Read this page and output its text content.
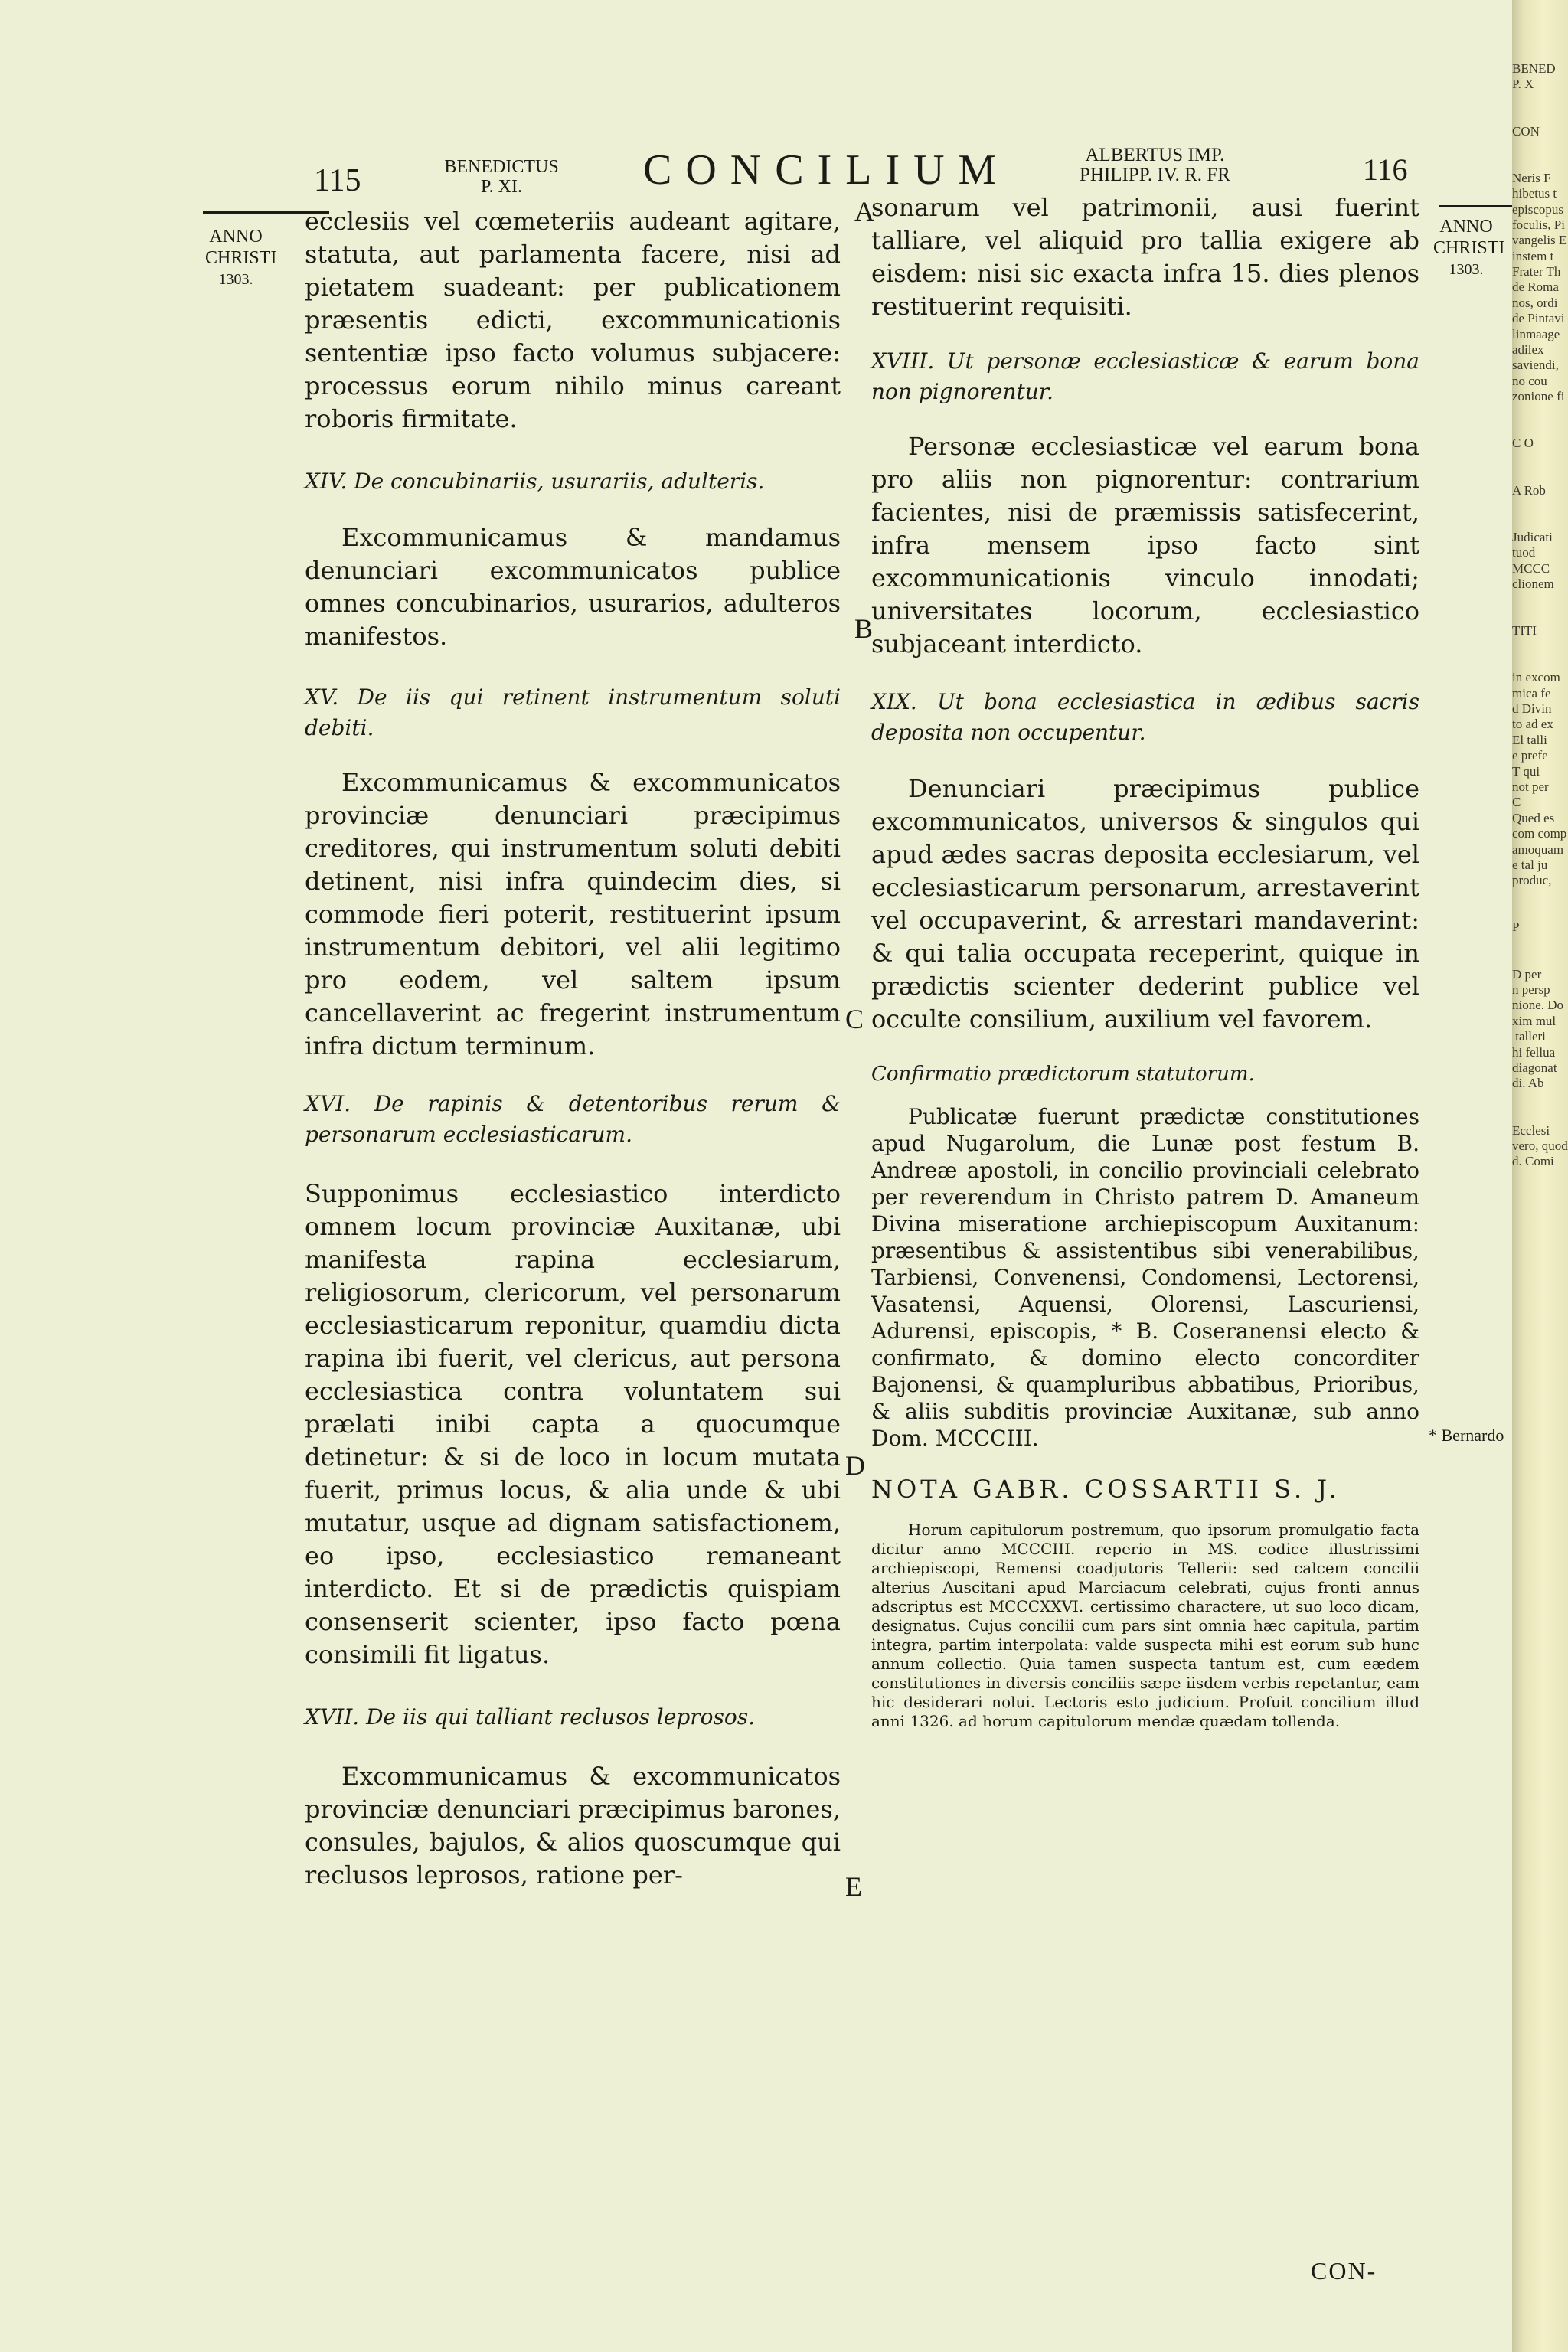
115	BENEDICTUS
P. XI.	CONCILIUM	ALBERTUS IMP.
PHILIPP. IV. R. FR	116
ANNO
CHRISTI
1303.
ANNO
CHRISTI
1303.

ecclesiis vel cœmeteriis audeant agitare, statuta, aut parlamenta facere, nisi ad pietatem suadeant: per publicationem præsentis edicti, excommunicationis sententiæ ipso facto volumus subjacere: processus eorum nihilo minus careant roboris firmitate.

XIV. De concubinariis, usurariis, adulteris.

Excommunicamus & mandamus denunciari excommunicatos publice omnes concubinarios, usurarios, adulteros manifestos.

XV. De iis qui retinent instrumentum soluti debiti.

Excommunicamus & excommunicatos provinciæ denunciari præcipimus creditores, qui instrumentum soluti debiti detinent, nisi infra quindecim dies, si commode fieri poterit, restituerint ipsum instrumentum debitori, vel alii legitimo pro eodem, vel saltem ipsum cancellaverint ac fregerint instrumentum infra dictum terminum.

XVI. De rapinis & detentoribus rerum & personarum ecclesiasticarum.

Supponimus ecclesiastico interdicto omnem locum provinciæ Auxitanæ, ubi manifesta rapina ecclesiarum, religiosorum, clericorum, vel personarum ecclesiasticarum reponitur, quamdiu dicta rapina ibi fuerit, vel clericus, aut persona ecclesiastica contra voluntatem sui prælati inibi capta a quocumque detinetur: & si de loco in locum mutata fuerit, primus locus, & alia unde & ubi mutatur, usque ad dignam satisfactionem, eo ipso, ecclesiastico remaneant interdicto. Et si de prædictis quispiam consenserit scienter, ipso facto pœna consimili fit ligatus.

XVII. De iis qui talliant reclusos leprosos.

Excommunicamus & excommunicatos provinciæ denunciari præcipimus barones, consules, bajulos, & alios quoscumque qui reclusos leprosos, ratione per-

sonarum vel patrimonii, ausi fuerint talliare, vel aliquid pro tallia exigere ab eisdem: nisi sic exacta infra 15. dies plenos restituerint requisiti.

XVIII. Ut personæ ecclesiasticæ & earum bona non pignorentur.

Personæ ecclesiasticæ vel earum bona pro aliis non pignorentur: contrarium facientes, nisi de præmissis satisfecerint, infra mensem ipso facto sint excommunicationis vinculo innodati; universitates locorum, ecclesiastico subjaceant interdicto.

XIX. Ut bona ecclesiastica in ædibus sacris deposita non occupentur.

Denunciari præcipimus publice excommunicatos, universos & singulos qui apud ædes sacras deposita ecclesiarum, vel ecclesiasticarum personarum, arrestaverint vel occupaverint, & arrestari mandaverint: & qui talia occupata receperint, quique in prædictis scienter dederint publice vel occulte consilium, auxilium vel favorem.

Confirmatio prædictorum statutorum.

Publicatæ fuerunt prædictæ constitutiones apud Nugarolum, die Lunæ post festum B. Andreæ apostoli, in concilio provinciali celebrato per reverendum in Christo patrem D. Amaneum Divina miseratione archiepiscopum Auxitanum: præsentibus & assistentibus sibi venerabilibus, Tarbiensi, Convenensi, Condomensi, Lectorensi, Vasatensi, Aquensi, Olorensi, Lascuriensi, Adurensi, episcopis, * B. Coseranensi electo & confirmato, & domino electo concorditer Bajonensi, & quampluribus abbatibus, Prioribus, & aliis subditis provinciæ Auxitanæ, sub anno Dom. MCCCIII.

NOTA GABR. COSSARTII S. J.

Horum capitulorum postremum, quo ipsorum promulgatio facta dicitur anno MCCCIII. reperio in MS. codice illustrissimi archiepiscopi, Remensi coadjutoris Tellerii: sed calcem concilii alterius Auscitani apud Marciacum celebrati, cujus fronti annus adscriptus est MCCCXXVI. certissimo charactere, ut suo loco dicam, designatus. Cujus concilii cum pars sint omnia hæc capitula, partim integra, partim interpolata: valde suspecta mihi est eorum sub hunc annum collectio. Quia tamen suspecta tantum est, cum eædem constitutiones in diversis conciliis sæpe iisdem verbis repetantur, eam hic desiderari nolui. Lectoris esto judicium. Profuit concilium illud anni 1326. ad horum capitulorum mendæ quædam tollenda.

A
B
C
D
E
* Bernardo
CON-
BENED
P. X

CON

Neris F
hibetus t
episcopus
foculis, Pi
vangelis E
instem t
Frater Th
de Roma
nos, ordi
de Pintavi
linmaage
adilex
saviendi,
no cou
zonione fi

C O

A Rob

Judicati
tuod
MCCC
clionem

TITI

in excom
mica fe
d Divin
to ad ex
El talli
e prefe
T qui
not per
C
Qued es
com comp
amoquam
e tal ju
produc,

P

D per
n persp
nione. Do
xim mul
talleri
hi fellua
diagonat
di. Ab

Ecclesi
vero, quod
d. Comi
